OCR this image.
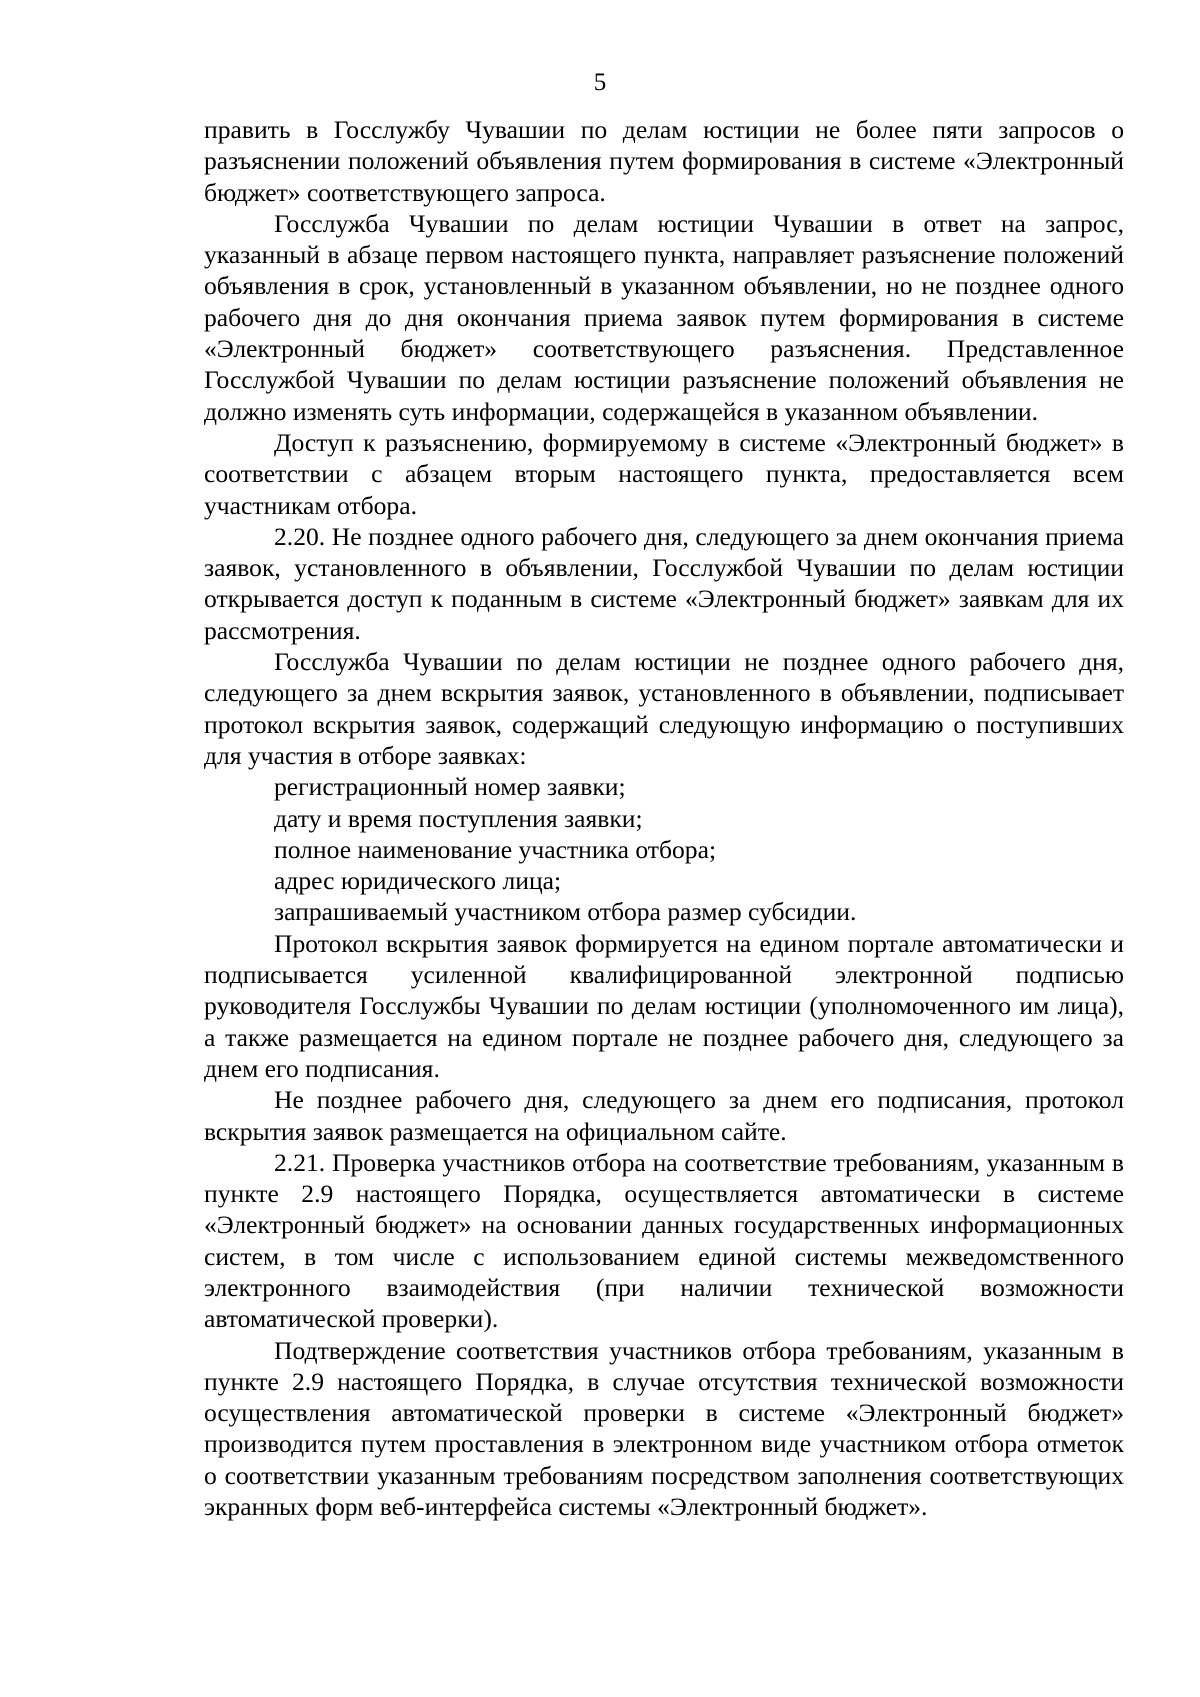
5

править в Госслужбу Чувашии по делам юстиции не более пяти запросов о разъяснении положений объявления путем формирования в системе «Электронный бюджет» соответствующего запроса.

Госслужба Чувашии по делам юстиции Чувашии в ответ на запрос, указанный в абзаце первом настоящего пункта, направляет разъяснение положений объявления в срок, установленный в указанном объявлении, но не позднее одного рабочего дня до дня окончания приема заявок путем формирования в системе «Электронный бюджет» соответствующего разъяснения. Представленное Госслужбой Чувашии по делам юстиции разъяснение положений объявления не должно изменять суть информации, содержащейся в указанном объявлении.

Доступ к разъяснению, формируемому в системе «Электронный бюджет» в соответствии с абзацем вторым настоящего пункта, предоставляется всем участникам отбора.

2.20. Не позднее одного рабочего дня, следующего за днем окончания приема заявок, установленного в объявлении, Госслужбой Чувашии по делам юстиции открывается доступ к поданным в системе «Электронный бюджет» заявкам для их рассмотрения.

Госслужба Чувашии по делам юстиции не позднее одного рабочего дня, следующего за днем вскрытия заявок, установленного в объявлении, подписывает протокол вскрытия заявок, содержащий следующую информацию о поступивших для участия в отборе заявках:

регистрационный номер заявки;

дату и время поступления заявки;

полное наименование участника отбора;

адрес юридического лица;

запрашиваемый участником отбора размер субсидии.

Протокол вскрытия заявок формируется на едином портале автоматически и подписывается усиленной квалифицированной электронной подписью руководителя Госслужбы Чувашии по делам юстиции (уполномоченного им лица), а также размещается на едином портале не позднее рабочего дня, следующего за днем его подписания.

Не позднее рабочего дня, следующего за днем его подписания, протокол вскрытия заявок размещается на официальном сайте.

2.21. Проверка участников отбора на соответствие требованиям, указанным в пункте 2.9 настоящего Порядка, осуществляется автоматически в системе «Электронный бюджет» на основании данных государственных информационных систем, в том числе с использованием единой системы межведомственного электронного взаимодействия (при наличии технической возможности автоматической проверки).

Подтверждение соответствия участников отбора требованиям, указанным в пункте 2.9 настоящего Порядка, в случае отсутствия технической возможности осуществления автоматической проверки в системе «Электронный бюджет» производится путем проставления в электронном виде участником отбора отметок о соответствии указанным требованиям посредством заполнения соответствующих экранных форм веб-интерфейса системы «Электронный бюджет».
